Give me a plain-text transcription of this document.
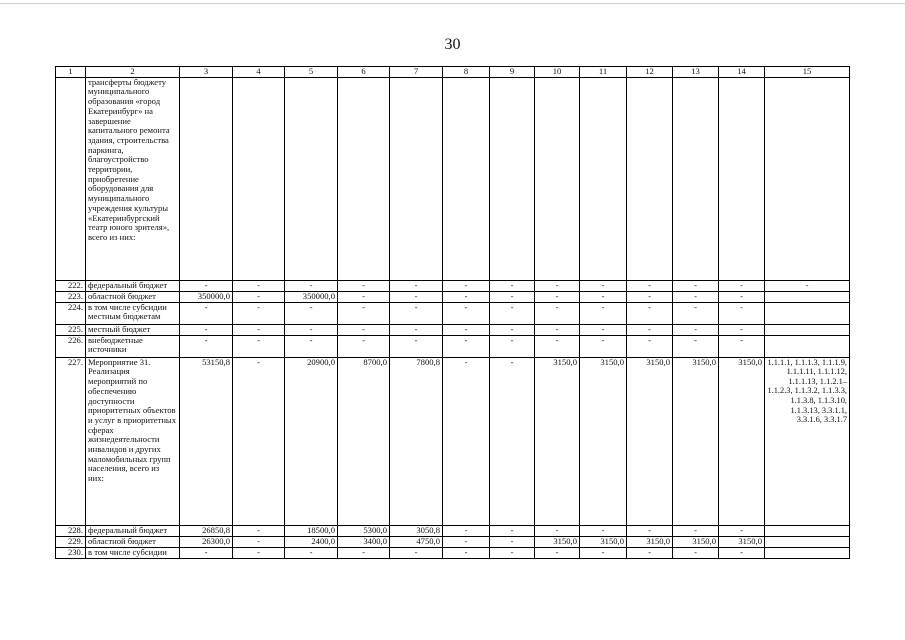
30
1	2	3	4	5	6	7	8	9	10	11	12	13	14	15
	трансферты бюджету муниципального образования «город Екатеринбург» на завершение капитального ремонта здания, строительства паркинга, благоустройство территории, приобретение оборудования для муниципального учреждения культуры «Екатеринбургский театр юного зрителя», всего из них:													
222.	федеральный бюджет	-	-	-	-	-	-	-	-	-	-	-	-	-
223.	областной бюджет	350000,0	-	350000,0	-	-	-	-	-	-	-	-	-	
224.	в том числе субсидии местным бюджетам	-	-	-	-	-	-	-	-	-	-	-	-	
225.	местный бюджет	-	-	-	-	-	-	-	-	-	-	-	-	
226.	внебюджетные источники	-	-	-	-	-	-	-	-	-	-	-	-	
227.	Мероприятие 31. Реализация мероприятий по обеспечению доступности приоритетных объектов и услуг в приоритетных сферах жизнедеятельности инвалидов и других маломобильных групп населения, всего из них:	53150,8	-	20900,0	8700,0	7800,8	-	-	3150,0	3150,0	3150,0	3150,0	3150,0	1.1.1.1, 1.1.1.3, 1.1.1.9, 1.1.1.11, 1.1.1.12, 1.1.1.13, 1.1.2.1–1.1.2.3, 1.1.3.2, 1.1.3.3, 1.1.3.8, 1.1.3.10, 1.1.3.13, 3.3.1.1, 3.3.1.6, 3.3.1.7
228.	федеральный бюджет	26850,8	-	18500,0	5300,0	3050,8	-	-	-	-	-	-	-	
229.	областной бюджет	26300,0	-	2400,0	3400,0	4750,0	-	-	3150,0	3150,0	3150,0	3150,0	3150,0	
230.	в том числе субсидии	-	-	-	-	-	-	-	-	-	-	-	-	
